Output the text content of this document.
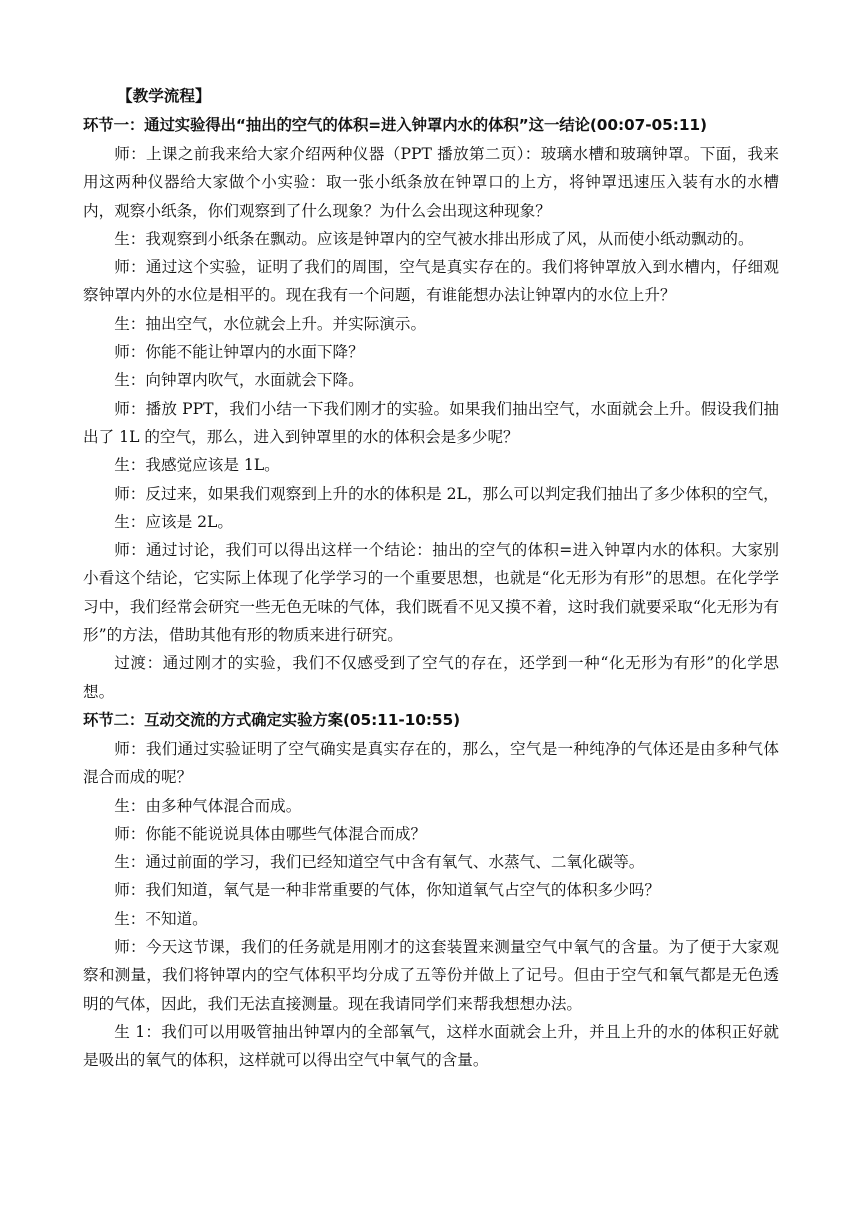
【教学流程】

环节一：通过实验得出“抽出的空气的体积=进入钟罩内水的体积”这一结论(00:07-05:11)

师：上课之前我来给大家介绍两种仪器（PPT 播放第二页）：玻璃水槽和玻璃钟罩。下面，我来用这两种仪器给大家做个小实验：取一张小纸条放在钟罩口的上方，将钟罩迅速压入装有水的水槽内，观察小纸条，你们观察到了什么现象？为什么会出现这种现象？

生：我观察到小纸条在飘动。应该是钟罩内的空气被水排出形成了风，从而使小纸动飘动的。

师：通过这个实验，证明了我们的周围，空气是真实存在的。我们将钟罩放入到水槽内，仔细观察钟罩内外的水位是相平的。现在我有一个问题，有谁能想办法让钟罩内的水位上升？

生：抽出空气，水位就会上升。并实际演示。

师：你能不能让钟罩内的水面下降？

生：向钟罩内吹气，水面就会下降。

师：播放 PPT，我们小结一下我们刚才的实验。如果我们抽出空气，水面就会上升。假设我们抽出了 1L 的空气，那么，进入到钟罩里的水的体积会是多少呢？

生：我感觉应该是 1L。

师：反过来，如果我们观察到上升的水的体积是 2L，那么可以判定我们抽出了多少体积的空气，

生：应该是 2L。

师：通过讨论，我们可以得出这样一个结论：抽出的空气的体积=进入钟罩内水的体积。大家别小看这个结论，它实际上体现了化学学习的一个重要思想，也就是“化无形为有形”的思想。在化学学习中，我们经常会研究一些无色无味的气体，我们既看不见又摸不着，这时我们就要采取“化无形为有形”的方法，借助其他有形的物质来进行研究。

过渡：通过刚才的实验，我们不仅感受到了空气的存在，还学到一种“化无形为有形”的化学思想。

环节二：互动交流的方式确定实验方案(05:11-10:55)

师：我们通过实验证明了空气确实是真实存在的，那么，空气是一种纯净的气体还是由多种气体混合而成的呢？

生：由多种气体混合而成。

师：你能不能说说具体由哪些气体混合而成？

生：通过前面的学习，我们已经知道空气中含有氧气、水蒸气、二氧化碳等。

师：我们知道，氧气是一种非常重要的气体，你知道氧气占空气的体积多少吗？

生：不知道。

师：今天这节课，我们的任务就是用刚才的这套装置来测量空气中氧气的含量。为了便于大家观察和测量，我们将钟罩内的空气体积平均分成了五等份并做上了记号。但由于空气和氧气都是无色透明的气体，因此，我们无法直接测量。现在我请同学们来帮我想想办法。

生 1：我们可以用吸管抽出钟罩内的全部氧气，这样水面就会上升，并且上升的水的体积正好就是吸出的氧气的体积，这样就可以得出空气中氧气的含量。
